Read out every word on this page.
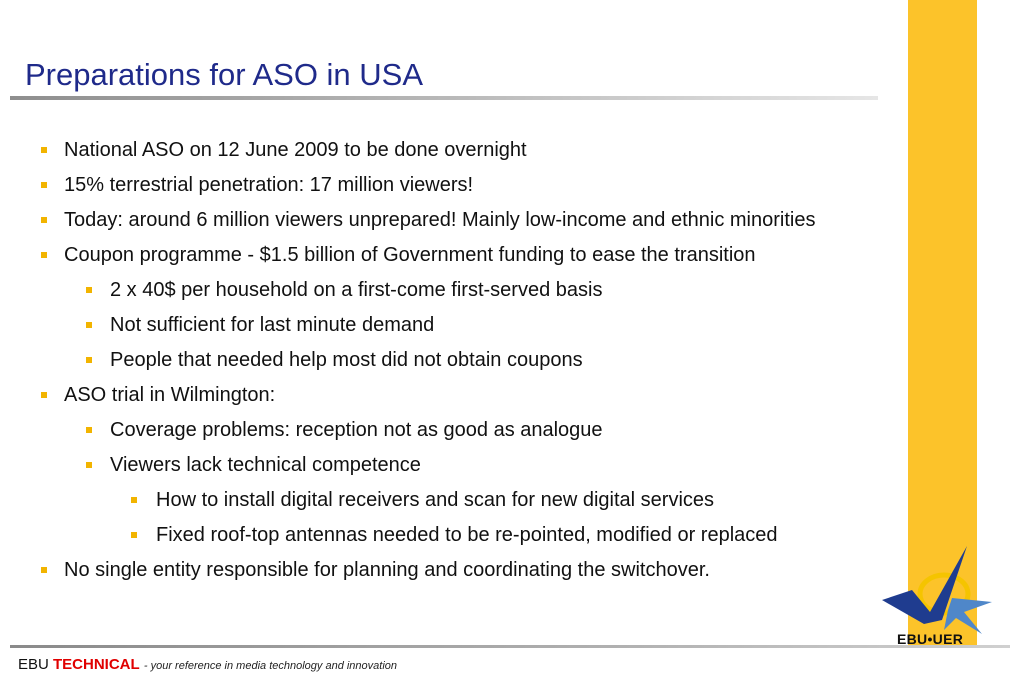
Preparations for ASO in USA
National ASO on 12 June 2009 to be done overnight
15% terrestrial penetration: 17 million viewers!
Today: around 6 million viewers unprepared! Mainly low-income and ethnic minorities
Coupon programme - $1.5 billion of Government funding to ease the transition
2 x 40$ per household on a first-come first-served basis
Not sufficient for last minute demand
People that needed help most did not obtain coupons
ASO trial in Wilmington:
Coverage problems: reception not as good as analogue
Viewers lack technical competence
How to install digital receivers and scan for new digital services
Fixed roof-top antennas needed to be re-pointed, modified or replaced
No single entity responsible for planning and coordinating the switchover.
EBU TECHNICAL - your reference in media technology and innovation
EBU•UER
